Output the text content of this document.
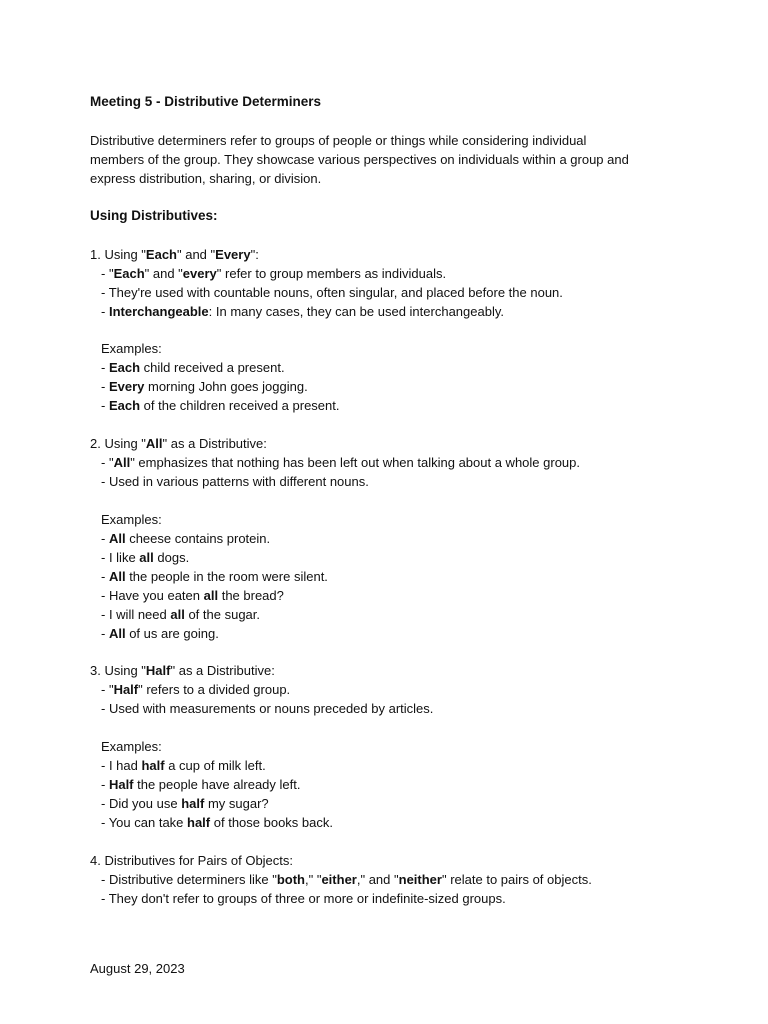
Meeting 5 - Distributive Determiners
Distributive determiners refer to groups of people or things while considering individual
members of the group. They showcase various perspectives on individuals within a group and
express distribution, sharing, or division.
Using Distributives:
1. Using "Each" and "Every":
- "Each" and "every" refer to group members as individuals.
- They're used with countable nouns, often singular, and placed before the noun.
- Interchangeable: In many cases, they can be used interchangeably.
Examples:
- Each child received a present.
- Every morning John goes jogging.
- Each of the children received a present.
2. Using "All" as a Distributive:
- "All" emphasizes that nothing has been left out when talking about a whole group.
- Used in various patterns with different nouns.
Examples:
- All cheese contains protein.
- I like all dogs.
- All the people in the room were silent.
- Have you eaten all the bread?
- I will need all of the sugar.
- All of us are going.
3. Using "Half" as a Distributive:
- "Half" refers to a divided group.
- Used with measurements or nouns preceded by articles.
Examples:
- I had half a cup of milk left.
- Half the people have already left.
- Did you use half my sugar?
- You can take half of those books back.
4. Distributives for Pairs of Objects:
- Distributive determiners like "both," "either," and "neither" relate to pairs of objects.
- They don't refer to groups of three or more or indefinite-sized groups.
August 29, 2023
